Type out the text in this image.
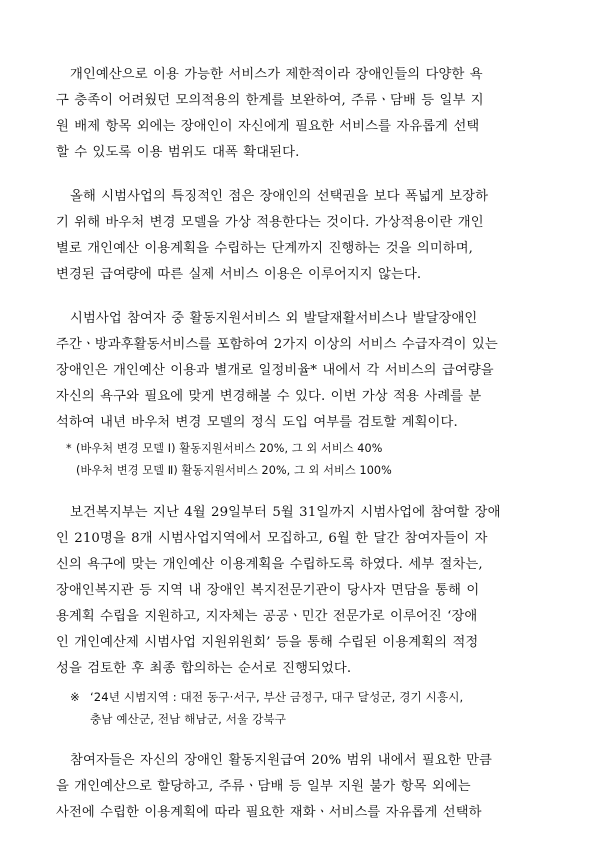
개인예산으로 이용 가능한 서비스가 제한적이라 장애인들의 다양한 욕

구 충족이 어려웠던 모의적용의 한계를 보완하여, 주류ㆍ담배 등 일부 지

원 배제 항목 외에는 장애인이 자신에게 필요한 서비스를 자유롭게 선택

할 수 있도록 이용 범위도 대폭 확대된다.

올해 시범사업의 특징적인 점은 장애인의 선택권을 보다 폭넓게 보장하

기 위해 바우처 변경 모델을 가상 적용한다는 것이다. 가상적용이란 개인

별로 개인예산 이용계획을 수립하는 단계까지 진행하는 것을 의미하며,

변경된 급여량에 따른 실제 서비스 이용은 이루어지지 않는다.

시범사업 참여자 중 활동지원서비스 외 발달재활서비스나 발달장애인

주간ㆍ방과후활동서비스를 포함하여 2가지 이상의 서비스 수급자격이 있는

장애인은 개인예산 이용과 별개로 일정비율* 내에서 각 서비스의 급여량을

자신의 욕구와 필요에 맞게 변경해볼 수 있다. 이번 가상 적용 사례를 분

석하여 내년 바우처 변경 모델의 정식 도입 여부를 검토할 계획이다.

* (바우처 변경 모델 Ⅰ) 활동지원서비스 20%, 그 외 서비스 40%

(바우처 변경 모델 Ⅱ) 활동지원서비스 20%, 그 외 서비스 100%

보건복지부는 지난 4월 29일부터 5월 31일까지 시범사업에 참여할 장애

인 210명을 8개 시범사업지역에서 모집하고, 6월 한 달간 참여자들이 자

신의 욕구에 맞는 개인예산 이용계획을 수립하도록 하였다. 세부 절차는,

장애인복지관 등 지역 내 장애인 복지전문기관이 당사자 면담을 통해 이

용계획 수립을 지원하고, 지자체는 공공ㆍ민간 전문가로 이루어진 ‘장애

인 개인예산제 시범사업 지원위원회’ 등을 통해 수립된 이용계획의 적정

성을 검토한 후 최종 합의하는 순서로 진행되었다.

※ ‘24년 시범지역 : 대전 동구·서구, 부산 금정구, 대구 달성군, 경기 시흥시,

충남 예산군, 전남 해남군, 서울 강북구

참여자들은 자신의 장애인 활동지원급여 20% 범위 내에서 필요한 만큼

을 개인예산으로 할당하고, 주류ㆍ담배 등 일부 지원 불가 항목 외에는

사전에 수립한 이용계획에 따라 필요한 재화ㆍ서비스를 자유롭게 선택하
